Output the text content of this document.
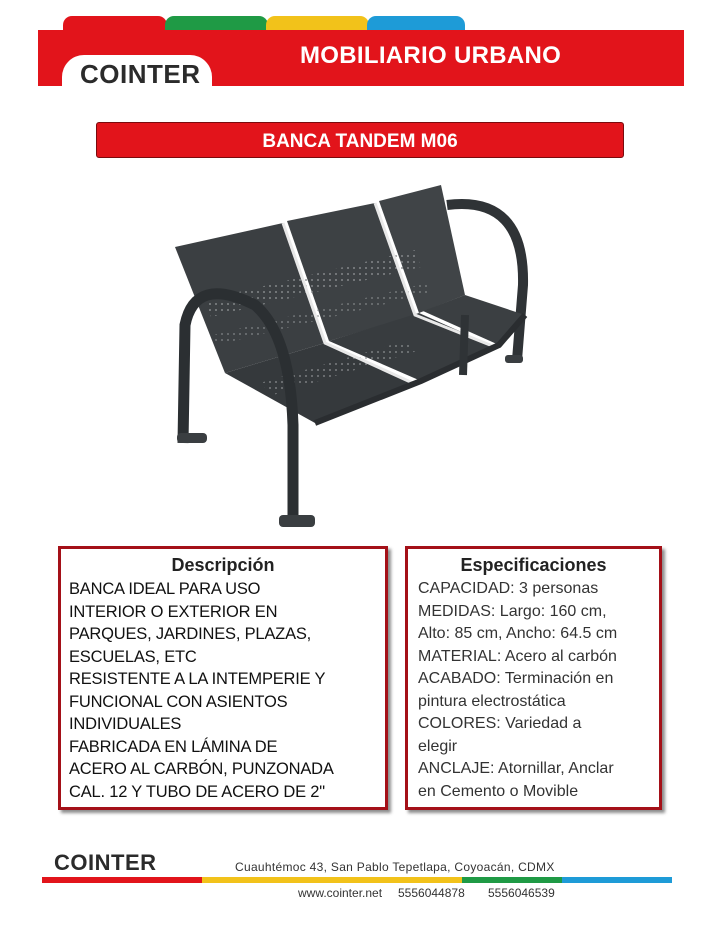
MOBILIARIO URBANO
COINTER
BANCA TANDEM M06
Descripción
BANCA IDEAL PARA USO
INTERIOR O EXTERIOR EN
PARQUES, JARDINES, PLAZAS,
ESCUELAS, ETC
RESISTENTE A LA INTEMPERIE Y
FUNCIONAL CON ASIENTOS
INDIVIDUALES
FABRICADA EN LÁMINA DE
ACERO AL CARBÓN, PUNZONADA
CAL. 12 Y TUBO DE ACERO DE 2"
Especificaciones
CAPACIDAD: 3 personas
MEDIDAS: Largo: 160 cm,
Alto: 85 cm, Ancho: 64.5 cm
MATERIAL: Acero al carbón
ACABADO: Terminación en
pintura electrostática
COLORES: Variedad a
elegir
ANCLAJE: Atornillar, Anclar
en Cemento o Movible
COINTER	Cuauhtémoc 43, San Pablo Tepetlapa, Coyoacán, CDMX
www.cointer.net 5556044878 5556046539
